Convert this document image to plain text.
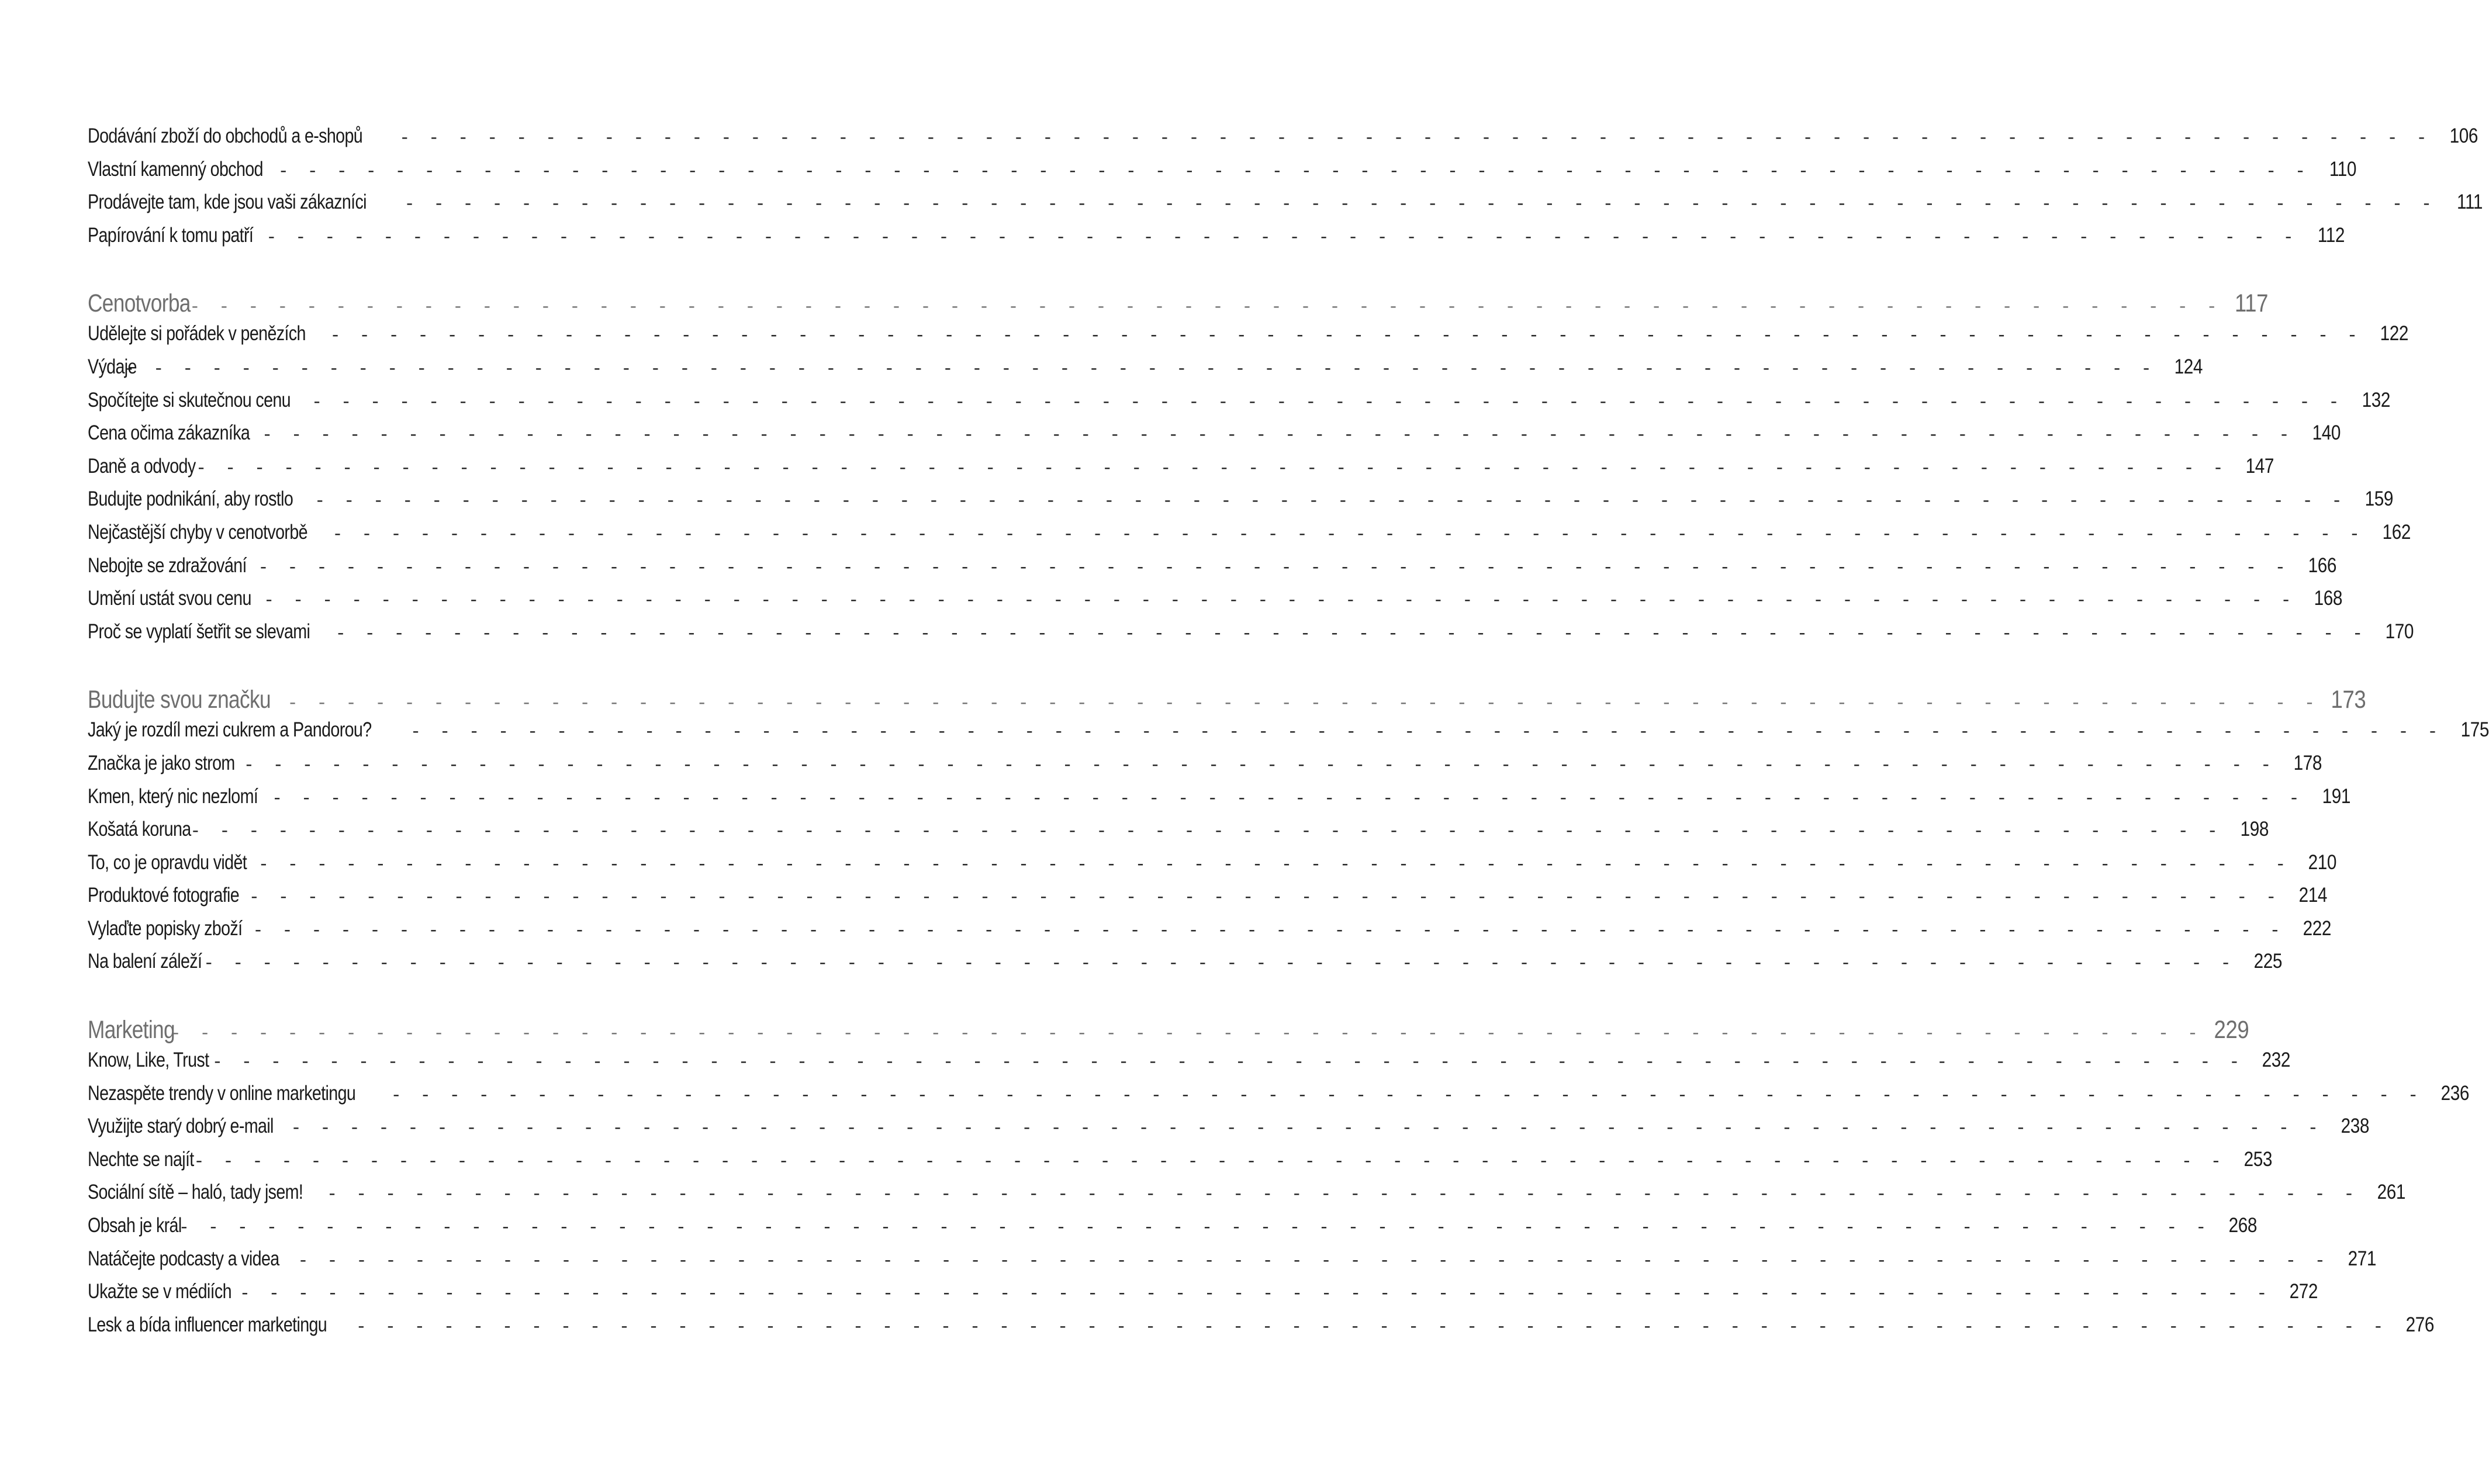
Dodávání zboží do obchodů a e-shopů - - - - - - - - - - - - - - - - - - - - - - - - - - - - - - - - - - - - - - - - - - - - - - - - - - - - - - - - - - - - - - - - - - - - - - 106
Vlastní kamenný obchod - - - - - - - - - - - - - - - - - - - - - - - - - - - - - - - - - - - - - - - - - - - - - - - - - - - - - - - - - - - - - - - - - - - - - - 110
Prodávejte tam, kde jsou vaši zákazníci - - - - - - - - - - - - - - - - - - - - - - - - - - - - - - - - - - - - - - - - - - - - - - - - - - - - - - - - - - - - - - - - - - - - - -	111
Papírování k tomu patří - - - - - - - - - - - - - - - - - - - - - - - - - - - - - - - - - - - - - - - - - - - - - - - - - - - - - - - - - - - - - - - - - - - - - - 112
Cenotvorba
- - - - - - - - - - - - - - - - - - - - - - - - - - - - - - - - - - - - - - - - - - - - - - - - - - - - - - - - - - - - - - - - - - - - - - 117
Udělejte si pořádek v penězích - - - - - - - - - - - - - - - - - - - - - - - - - - - - - - - - - - - - - - - - - - - - - - - - - - - - - - - - - - - - - - - - - - - - - - 122
Výdaje
- - - - - - - - - - - - - - - - - - - - - - - - - - - - - - - - - - - - - - - - - - - - - - - - - - - - - - - - - - - - - - - - - - - - - - 124
Spočítejte si skutečnou cenu - - - - - - - - - - - - - - - - - - - - - - - - - - - - - - - - - - - - - - - - - - - - - - - - - - - - - - - - - - - - - - - - - - - - - - 132
Cena očima zákazníka - - - - - - - - - - - - - - - - - - - - - - - - - - - - - - - - - - - - - - - - - - - - - - - - - - - - - - - - - - - - - - - - - - - - - - 140
Daně a odvody - - - - - - - - - - - - - - - - - - - - - - - - - - - - - - - - - - - - - - - - - - - - - - - - - - - - - - - - - - - - - - - - - - - - - - 147
Budujte podnikání, aby rostlo - - - - - - - - - - - - - - - - - - - - - - - - - - - - - - - - - - - - - - - - - - - - - - - - - - - - - - - - - - - - - - - - - - - - - - 159
Nejčastější chyby v cenotvorbě - - - - - - - - - - - - - - - - - - - - - - - - - - - - - - - - - - - - - - - - - - - - - - - - - - - - - - - - - - - - - - - - - - - - - - 162
Nebojte se zdražování - - - - - - - - - - - - - - - - - - - - - - - - - - - - - - - - - - - - - - - - - - - - - - - - - - - - - - - - - - - - - - - - - - - - - - 166
Umění ustát svou cenu - - - - - - - - - - - - - - - - - - - - - - - - - - - - - - - - - - - - - - - - - - - - - - - - - - - - - - - - - - - - - - - - - - - - - - 168
Proč se vyplatí šetřit se slevami - - - - - - - - - - - - - - - - - - - - - - - - - - - - - - - - - - - - - - - - - - - - - - - - - - - - - - - - - - - - - - - - - - - - - - 170
Budujte svou značku - - - - - - - - - - - - - - - - - - - - - - - - - - - - - - - - - - - - - - - - - - - - - - - - - - - - - - - - - - - - - - - - - - - - - - 173
Jaký je rozdíl mezi cukrem a Pandorou? - - - - - - - - - - - - - - - - - - - - - - - - - - - - - - - - - - - - - - - - - - - - - - - - - - - - - - - - - - - - - - - - - - - - - - 175
Značka je jako strom - - - - - - - - - - - - - - - - - - - - - - - - - - - - - - - - - - - - - - - - - - - - - - - - - - - - - - - - - - - - - - - - - - - - - - 178
Kmen, který nic nezlomí - - - - - - - - - - - - - - - - - - - - - - - - - - - - - - - - - - - - - - - - - - - - - - - - - - - - - - - - - - - - - - - - - - - - - - 191
Košatá koruna
- - - - - - - - - - - - - - - - - - - - - - - - - - - - - - - - - - - - - - - - - - - - - - - - - - - - - - - - - - - - - - - - - - - - - - 198
To, co je opravdu vidět - - - - - - - - - - - - - - - - - - - - - - - - - - - - - - - - - - - - - - - - - - - - - - - - - - - - - - - - - - - - - - - - - - - - - - 210
Produktové fotografie - - - - - - - - - - - - - - - - - - - - - - - - - - - - - - - - - - - - - - - - - - - - - - - - - - - - - - - - - - - - - - - - - - - - - - 214
Vylaďte popisky zboží - - - - - - - - - - - - - - - - - - - - - - - - - - - - - - - - - - - - - - - - - - - - - - - - - - - - - - - - - - - - - - - - - - - - - - 222
Na balení záleží - - - - - - - - - - - - - - - - - - - - - - - - - - - - - - - - - - - - - - - - - - - - - - - - - - - - - - - - - - - - - - - - - - - - - - 225
Marketing
- - - - - - - - - - - - - - - - - - - - - - - - - - - - - - - - - - - - - - - - - - - - - - - - - - - - - - - - - - - - - - - - - - - - - - 229
Know, Like, Trust - - - - - - - - - - - - - - - - - - - - - - - - - - - - - - - - - - - - - - - - - - - - - - - - - - - - - - - - - - - - - - - - - - - - - - 232
Nezaspěte trendy v online marketingu - - - - - - - - - - - - - - - - - - - - - - - - - - - - - - - - - - - - - - - - - - - - - - - - - - - - - - - - - - - - - - - - - - - - - - 236
Využijte starý dobrý e-mail - - - - - - - - - - - - - - - - - - - - - - - - - - - - - - - - - - - - - - - - - - - - - - - - - - - - - - - - - - - - - - - - - - - - - - 238
Nechte se najít - - - - - - - - - - - - - - - - - - - - - - - - - - - - - - - - - - - - - - - - - - - - - - - - - - - - - - - - - - - - - - - - - - - - - - 253
Sociální sítě – haló, tady jsem! - - - - - - - - - - - - - - - - - - - - - - - - - - - - - - - - - - - - - - - - - - - - - - - - - - - - - - - - - - - - - - - - - - - - - - 261
Obsah je král
- - - - - - - - - - - - - - - - - - - - - - - - - - - - - - - - - - - - - - - - - - - - - - - - - - - - - - - - - - - - - - - - - - - - - - 268
Natáčejte podcasty a videa - - - - - - - - - - - - - - - - - - - - - - - - - - - - - - - - - - - - - - - - - - - - - - - - - - - - - - - - - - - - - - - - - - - - - - 271
Ukažte se v médiích - - - - - - - - - - - - - - - - - - - - - - - - - - - - - - - - - - - - - - - - - - - - - - - - - - - - - - - - - - - - - - - - - - - - - - 272
Lesk a bída influencer marketingu - - - - - - - - - - - - - - - - - - - - - - - - - - - - - - - - - - - - - - - - - - - - - - - - - - - - - - - - - - - - - - - - - - - - - - 276
